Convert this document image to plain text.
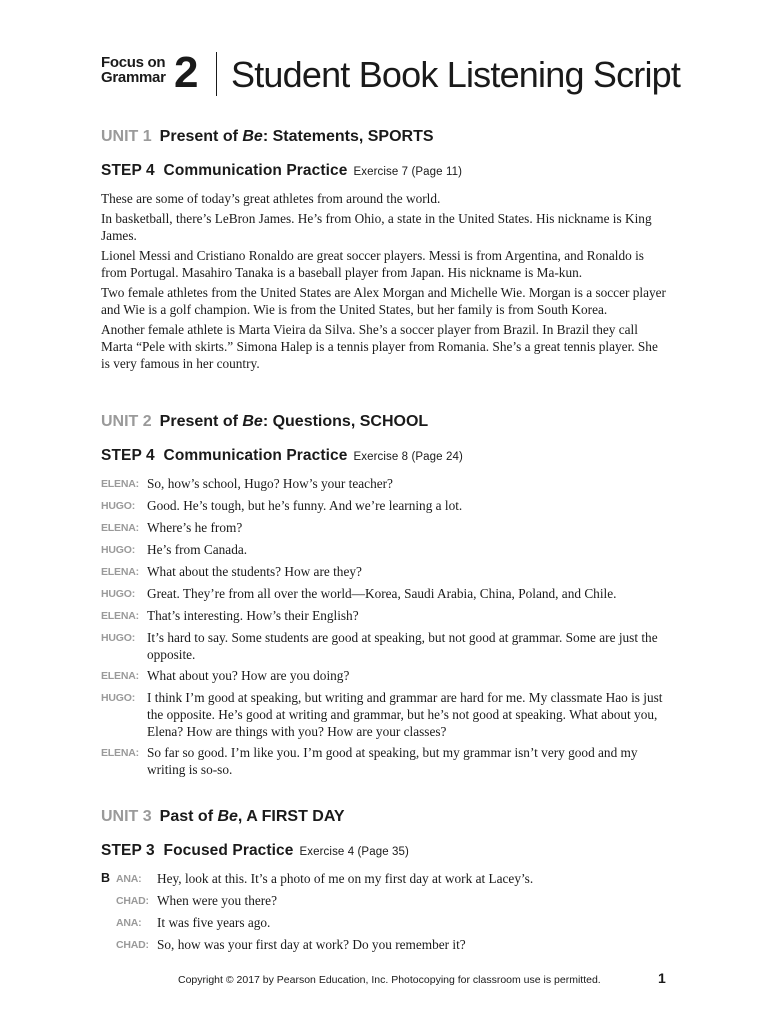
Focus on
Grammar 2 Student Book Listening Script
UNIT 1 Present of Be: Statements, SPORTS
STEP 4  Communication Practice Exercise 7 (Page 11)

These are some of today’s great athletes from around the world.

In basketball, there’s LeBron James. He’s from Ohio, a state in the United States. His nickname is King James.

Lionel Messi and Cristiano Ronaldo are great soccer players. Messi is from Argentina, and Ronaldo is from Portugal. Masahiro Tanaka is a baseball player from Japan. His nickname is Ma-kun.

Two female athletes from the United States are Alex Morgan and Michelle Wie. Morgan is a soccer player and Wie is a golf champion. Wie is from the United States, but her family is from South Korea.

Another female athlete is Marta Vieira da Silva. She’s a soccer player from Brazil. In Brazil they call Marta “Pele with skirts.” Simona Halep is a tennis player from Romania. She’s a great tennis player. She is very famous in her country.

UNIT 2 Present of Be: Questions, SCHOOL
STEP 4  Communication Practice Exercise 8 (Page 24)
ELENA: So, how’s school, Hugo? How’s your teacher?
HUGO: Good. He’s tough, but he’s funny. And we’re learning a lot.
ELENA: Where’s he from?
HUGO: He’s from Canada.
ELENA: What about the students? How are they?
HUGO: Great. They’re from all over the world—Korea, Saudi Arabia, China, Poland, and Chile.
ELENA: That’s interesting. How’s their English?
HUGO: It’s hard to say. Some students are good at speaking, but not good at grammar. Some are just the opposite.
ELENA: What about you? How are you doing?
HUGO: I think I’m good at speaking, but writing and grammar are hard for me. My classmate Hao is just the opposite. He’s good at writing and grammar, but he’s not good at speaking. What about you, Elena? How are things with you? How are your classes?
ELENA: So far so good. I’m like you. I’m good at speaking, but my grammar isn’t very good and my writing is so-so.
UNIT 3 Past of Be, A FIRST DAY
STEP 3  Focused Practice Exercise 4 (Page 35)
B ANA:	Hey, look at this. It’s a photo of me on my first day at work at Lacey’s.
CHAD: When were you there?
ANA:	It was five years ago.
CHAD: So, how was your first day at work? Do you remember it?
Copyright © 2017 by Pearson Education, Inc. Photocopying for classroom use is permitted.	1
